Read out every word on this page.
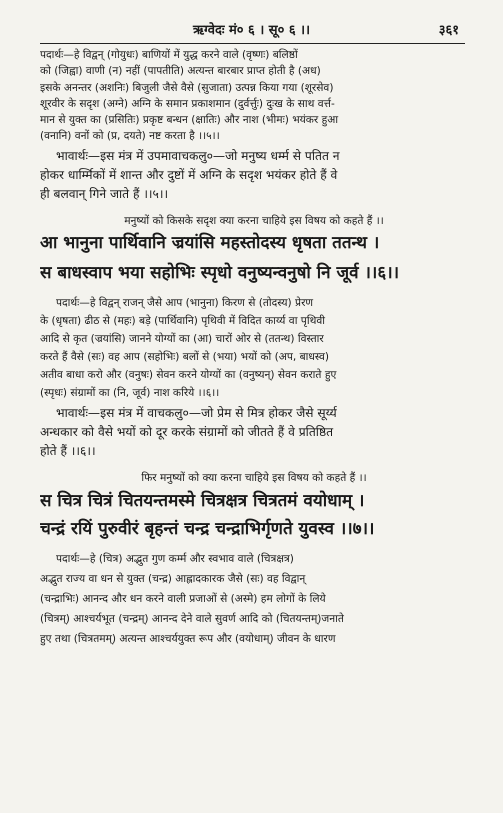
ऋग्वेदः मं० ६ । सू० ६ ।।	३६१
पदार्थः—हे विद्वन् (गोयुधः) बाणियों में युद्ध करने वाले (वृष्णः) बलिष्ठों
को (जिह्वा) वाणी (न) नहीं (पापतीति) अत्यन्त बारबार प्राप्त होती है (अध)
इसके अनन्तर (अशनिः) बिजुली जैसे वैसे (सुजाता) उत्पन्न किया गया (शूरसेव)
शूरवीर के सदृश (अग्ने) अग्नि के समान प्रकाशमान (दुर्वर्त्तुः) दुःख के साथ वर्त्त-
मान से युक्त का (प्रसितिः) प्रकृष्ट बन्धन (क्षातिः) और नाश (भीमः) भयंकर हुआ
(वनानि) वनों को (प्र, दयते) नष्ट करता है ।।५।।
भावार्थः—इस मंत्र में उपमावाचकलु०—जो मनुष्य धर्म्म से पतित न
होकर धार्म्मिकों में शान्त और दुष्टों में अग्नि के सदृश भयंकर होते हैं वे
ही बलवान् गिने जाते हैं ।।५।।
मनुष्यों को किसके सदृश क्या करना चाहिये इस विषय को कहते हैं ।।
आ भानुना पार्थिवानि ज्रयांसि महस्तोदस्य धृषता ततन्थ ।
स बाधस्वाप भया सहोभिः स्पृधो वनुष्यन्वनुषो नि जूर्व ।।६।।
पदार्थः—हे विद्वन् राजन् जैसे आप (भानुना) किरण से (तोदस्य) प्रेरण
के (धृषता) ढीठ से (महः) बड़े (पार्थिवानि) पृथिवी में विदित कार्य्य वा पृथिवी
आदि से कृत (ज्रयांसि) जानने योग्यों का (आ) चारों ओर से (ततन्थ) विस्तार
करते हैं वैसे (सः) वह आप (सहोभिः) बलों से (भया) भयों को (अप, बाधस्व)
अतीव बाधा करो और (वनुषः) सेवन करने योग्यों का (वनुष्यन्) सेवन कराते हुए
(स्पृधः) संग्रामों का (नि, जूर्व) नाश करिये ।।६।।
भावार्थः—इस मंत्र में वाचकलु०—जो प्रेम से मित्र होकर जैसे सूर्य्य
अन्धकार को वैसे भयों को दूर करके संग्रामों को जीतते हैं वे प्रतिष्ठित
होते हैं ।।६।।
फिर मनुष्यों को क्या करना चाहिये इस विषय को कहते हैं ।।
स चित्र चित्रं चितयन्तमस्मे चित्रक्षत्र चित्रतमं वयोधाम् ।
चन्द्रं रयिं पुरुवीरं बृहन्तं चन्द्र चन्द्राभिर्गृणते युवस्व ।।७।।
पदार्थः—हे (चित्र) अद्भुत गुण कर्म्म और स्वभाव वाले (चित्रक्षत्र)
अद्भुत राज्य वा धन से युक्त (चन्द्र) आह्लादकारक जैसे (सः) वह विद्वान्
(चन्द्राभिः) आनन्द और धन करने वाली प्रजाओं से (अस्मे) हम लोगों के लिये
(चित्रम्) आश्चर्यभूत (चन्द्रम्) आनन्द देने वाले सुवर्ण आदि को (चितयन्तम्)जनाते
हुए तथा (चित्रतमम्) अत्यन्त आश्चर्ययुक्त रूप और (वयोधाम्) जीवन के धारण
